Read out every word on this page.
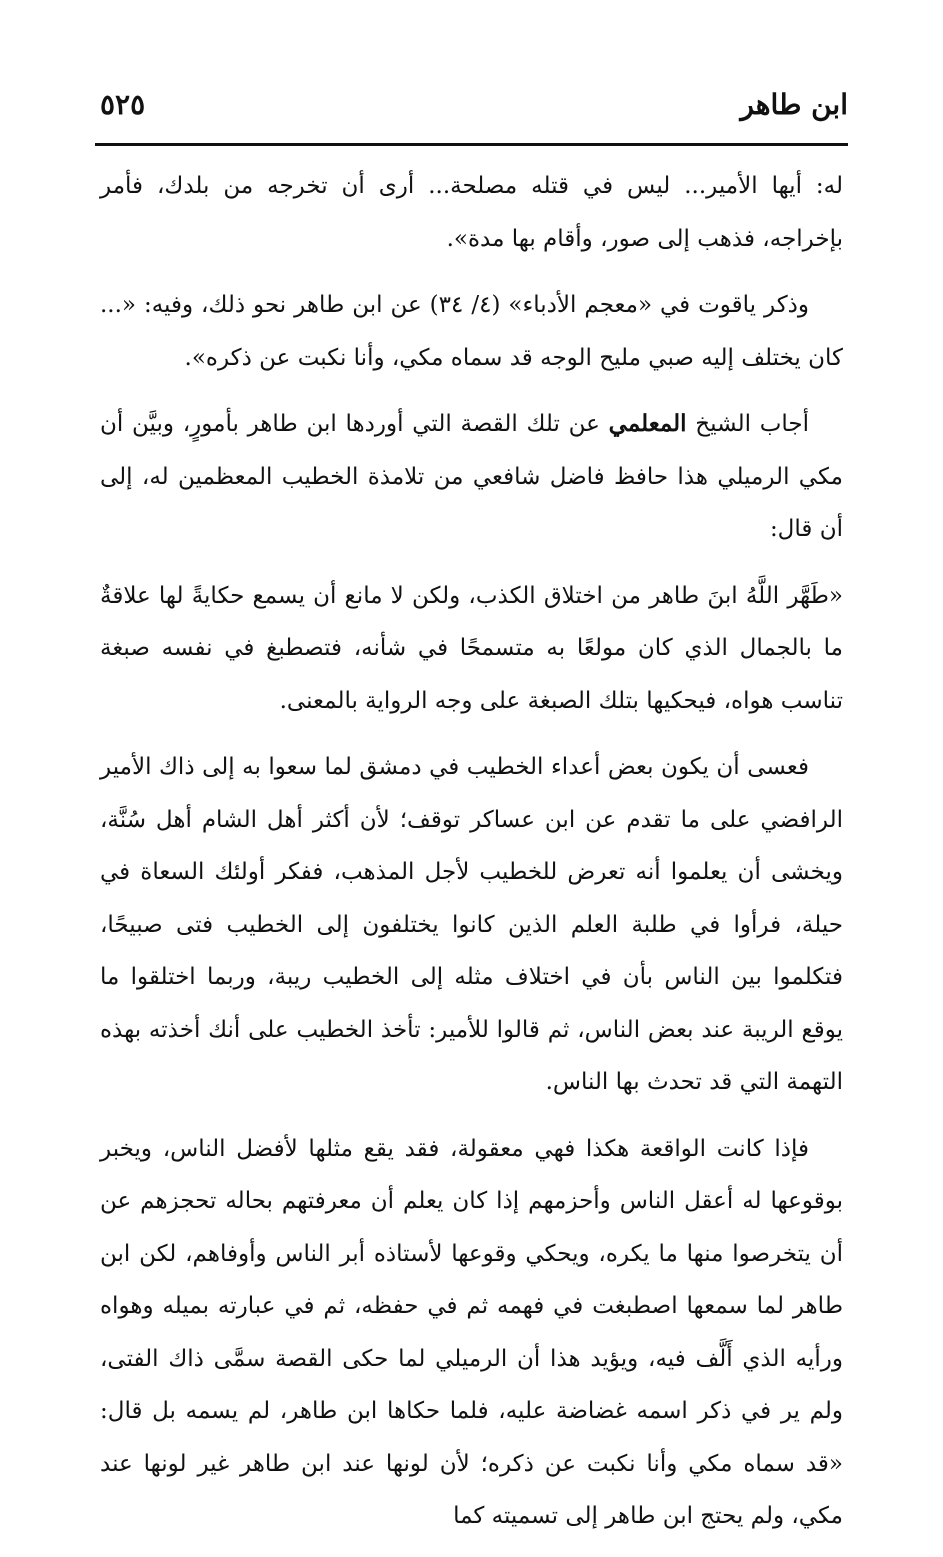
ابن طاهر
٥٢٥

له: أيها الأمير... ليس في قتله مصلحة... أرى أن تخرجه من بلدك، فأمر بإخراجه، فذهب إلى صور، وأقام بها مدة».

وذكر ياقوت في «معجم الأدباء» (٤/ ٣٤) عن ابن طاهر نحو ذلك، وفيه: «... كان يختلف إليه صبي مليح الوجه قد سماه مكي، وأنا نكبت عن ذكره».

أجاب الشيخ المعلمي عن تلك القصة التي أوردها ابن طاهر بأمورٍ، وبيَّن أن مكي الرميلي هذا حافظ فاضل شافعي من تلامذة الخطيب المعظمين له، إلى أن قال:

«طَهَّر اللَّهُ ابنَ طاهر من اختلاق الكذب، ولكن لا مانع أن يسمع حكايةً لها علاقةٌ ما بالجمال الذي كان مولعًا به متسمحًا في شأنه، فتصطبغ في نفسه صبغة تناسب هواه، فيحكيها بتلك الصبغة على وجه الرواية بالمعنى.

فعسى أن يكون بعض أعداء الخطيب في دمشق لما سعوا به إلى ذاك الأمير الرافضي على ما تقدم عن ابن عساكر توقف؛ لأن أكثر أهل الشام أهل سُنَّة، ويخشى أن يعلموا أنه تعرض للخطيب لأجل المذهب، ففكر أولئك السعاة في حيلة، فرأوا في طلبة العلم الذين كانوا يختلفون إلى الخطيب فتى صبيحًا، فتكلموا بين الناس بأن في اختلاف مثله إلى الخطيب ريبة، وربما اختلقوا ما يوقع الريبة عند بعض الناس، ثم قالوا للأمير: تأخذ الخطيب على أنك أخذته بهذه التهمة التي قد تحدث بها الناس.

فإذا كانت الواقعة هكذا فهي معقولة، فقد يقع مثلها لأفضل الناس، ويخبر بوقوعها له أعقل الناس وأحزمهم إذا كان يعلم أن معرفتهم بحاله تحجزهم عن أن يتخرصوا منها ما يكره، ويحكي وقوعها لأستاذه أبر الناس وأوفاهم، لكن ابن طاهر لما سمعها اصطبغت في فهمه ثم في حفظه، ثم في عبارته بميله وهواه ورأيه الذي أَلَّف فيه، ويؤيد هذا أن الرميلي لما حكى القصة سمَّى ذاك الفتى، ولم ير في ذكر اسمه غضاضة عليه، فلما حكاها ابن طاهر، لم يسمه بل قال: «قد سماه مكي وأنا نكبت عن ذكره؛ لأن لونها عند ابن طاهر غير لونها عند مكي، ولم يحتج ابن طاهر إلى تسميته كما
